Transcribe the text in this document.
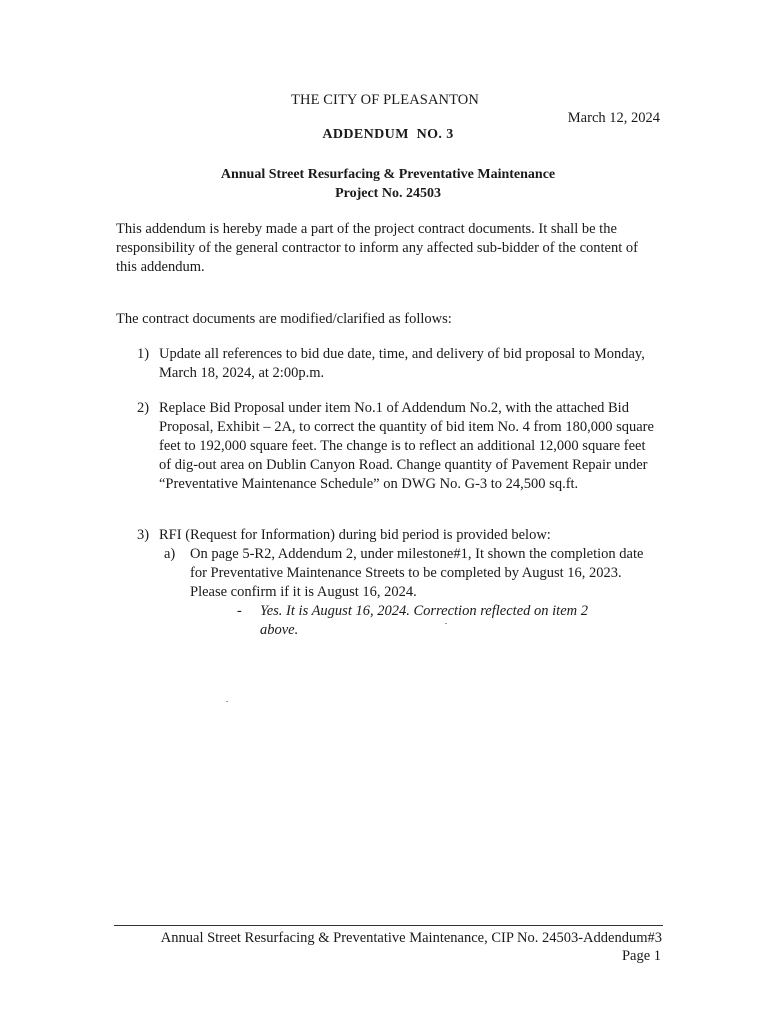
THE CITY OF PLEASANTON
March 12, 2024
ADDENDUM  NO. 3
Annual Street Resurfacing & Preventative Maintenance
Project No. 24503
This addendum is hereby made a part of the project contract documents. It shall be the responsibility of the general contractor to inform any affected sub-bidder of the content of this addendum.
The contract documents are modified/clarified as follows:
1) Update all references to bid due date, time, and delivery of bid proposal to Monday, March 18, 2024, at 2:00p.m.
2) Replace Bid Proposal under item No.1 of Addendum No.2, with the attached Bid Proposal, Exhibit – 2A, to correct the quantity of bid item No. 4 from 180,000 square feet to 192,000 square feet. The change is to reflect an additional 12,000 square feet of dig-out area on Dublin Canyon Road. Change quantity of Pavement Repair under “Preventative Maintenance Schedule” on DWG No. G-3 to 24,500 sq.ft.
3) RFI (Request for Information) during bid period is provided below:
a) On page 5-R2, Addendum 2, under milestone#1, It shown the completion date for Preventative Maintenance Streets to be completed by August 16, 2023. Please confirm if it is August 16, 2024.
- Yes. It is August 16, 2024. Correction reflected on item 2 above.
Annual Street Resurfacing & Preventative Maintenance, CIP No. 24503-Addendum#3
Page 1
